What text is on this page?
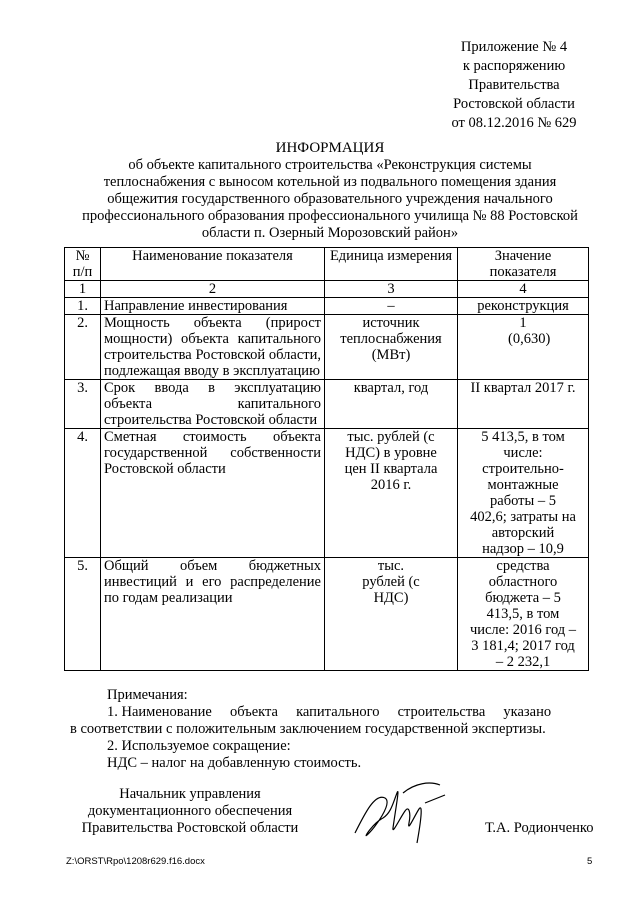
Приложение № 4
к распоряжению
Правительства
Ростовской области
от 08.12.2016 № 629
ИНФОРМАЦИЯ
об объекте капитального строительства «Реконструкция системы
теплоснабжения с выносом котельной из подвального помещения здания
общежития государственного образовательного учреждения начального
профессионального образования профессионального училища № 88 Ростовской
области п. Озерный Морозовский район»
№ п/п	Наименование показателя	Единица измерения	Значение показателя
1	2	3	4
1.	Направление инвестирования	–	реконструкция
2.	Мощность объекта (прирост мощности) объекта капитального строительства Ростовской области, подлежащая вводу в эксплуатацию	источник теплоснабжения (МВт)	1 (0,630)
3.	Срок ввода в эксплуатацию объекта капитального строительства Ростовской области	квартал, год	II квартал 2017 г.
4.	Сметная стоимость объекта государственной собственности Ростовской области	тыс. рублей (с НДС) в уровне цен II квартала 2016 г.	5 413,5, в том числе: строительно-монтажные работы – 5 402,6; затраты на авторский надзор – 10,9
5.	Общий объем бюджетных инвестиций и его распределение по годам реализации	тыс. рублей (с НДС)	средства областного бюджета – 5 413,5, в том числе: 2016 год – 3 181,4; 2017 год – 2 232,1
Примечания:
1. Наименование     объекта     капитального     строительства     указано
в соответствии с положительным заключением государственной экспертизы.
2. Используемое сокращение:
НДС – налог на добавленную стоимость.
Начальник управления
документационного обеспечения
Правительства Ростовской области	Т.А. Родионченко
Z:\ORST\Rpo\1208r629.f16.docx	5
